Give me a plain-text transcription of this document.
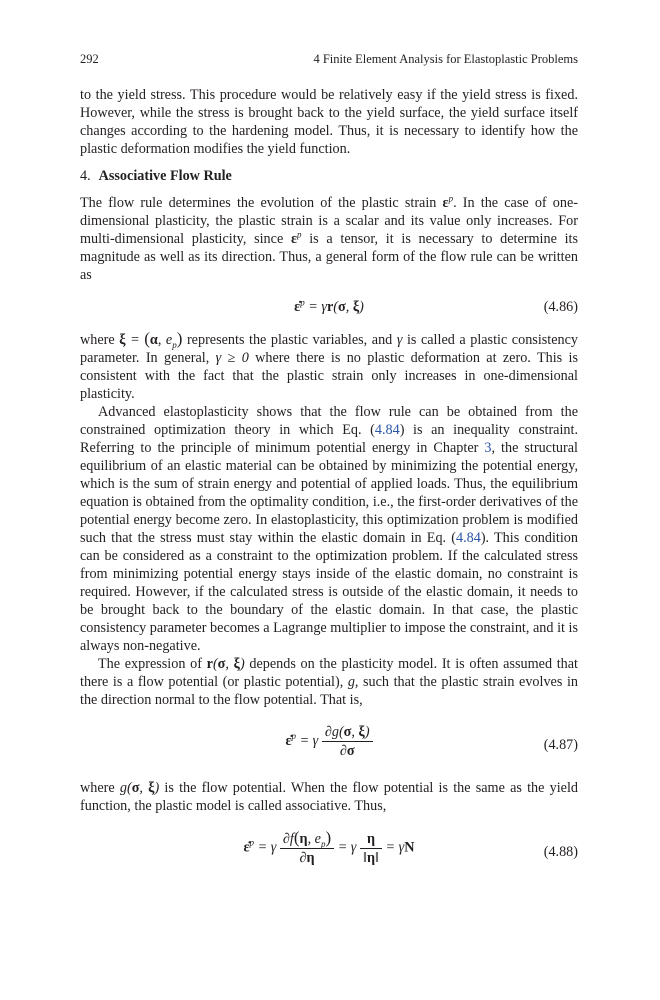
292	4 Finite Element Analysis for Elastoplastic Problems

to the yield stress. This procedure would be relatively easy if the yield stress is fixed. However, while the stress is brought back to the yield surface, the yield surface itself changes according to the hardening model. Thus, it is necessary to identify how the plastic deformation modifies the yield function.

4. Associative Flow Rule

The flow rule determines the evolution of the plastic strain $\varepsilon^p$. In the case of one-dimensional plasticity, the plastic strain is a scalar and its value only increases. For multi-dimensional plasticity, since $\varepsilon^p$ is a tensor, it is necessary to determine its magnitude as well as its direction. Thus, a general form of the flow rule can be written as

ε̇$^p$ = γr(σ, ξ)	(4.86)

where ξ = (α, $e_p$) represents the plastic variables, and γ is called a plastic consistency parameter. In general, γ ≥ 0 where there is no plastic deformation at zero. This is consistent with the fact that the plastic strain only increases in one-dimensional plasticity.

Advanced elastoplasticity shows that the flow rule can be obtained from the constrained optimization theory in which Eq. (4.84) is an inequality constraint. Referring to the principle of minimum potential energy in Chapter 3, the structural equilibrium of an elastic material can be obtained by minimizing the potential energy, which is the sum of strain energy and potential of applied loads. Thus, the equilibrium equation is obtained from the optimality condition, i.e., the first-order derivatives of the potential energy become zero. In elastoplasticity, this optimization problem is modified such that the stress must stay within the elastic domain in Eq. (4.84). This condition can be considered as a constraint to the optimization problem. If the calculated stress from minimizing potential energy stays inside of the elastic domain, no constraint is required. However, if the calculated stress is outside of the elastic domain, it needs to be brought back to the boundary of the elastic domain. In that case, the plastic consistency parameter becomes a Lagrange multiplier to impose the constraint, and it is always non-negative.

The expression of r(σ, ξ) depends on the plasticity model. It is often assumed that there is a flow potential (or plastic potential), g, such that the plastic strain evolves in the direction normal to the flow potential. That is,

ε̇$^p$ = γ $\frac{\partial g(\sigma, \xi)}{\partial\sigma}$	(4.87)

where g(σ, ξ) is the flow potential. When the flow potential is the same as the yield function, the plastic model is called associative. Thus,

ε̇$^p$ = γ $\frac{\partial f(\eta, e_p)}{\partial\eta} = \gamma \frac{\eta}{‖\eta‖} = \gamma N$	(4.88)
